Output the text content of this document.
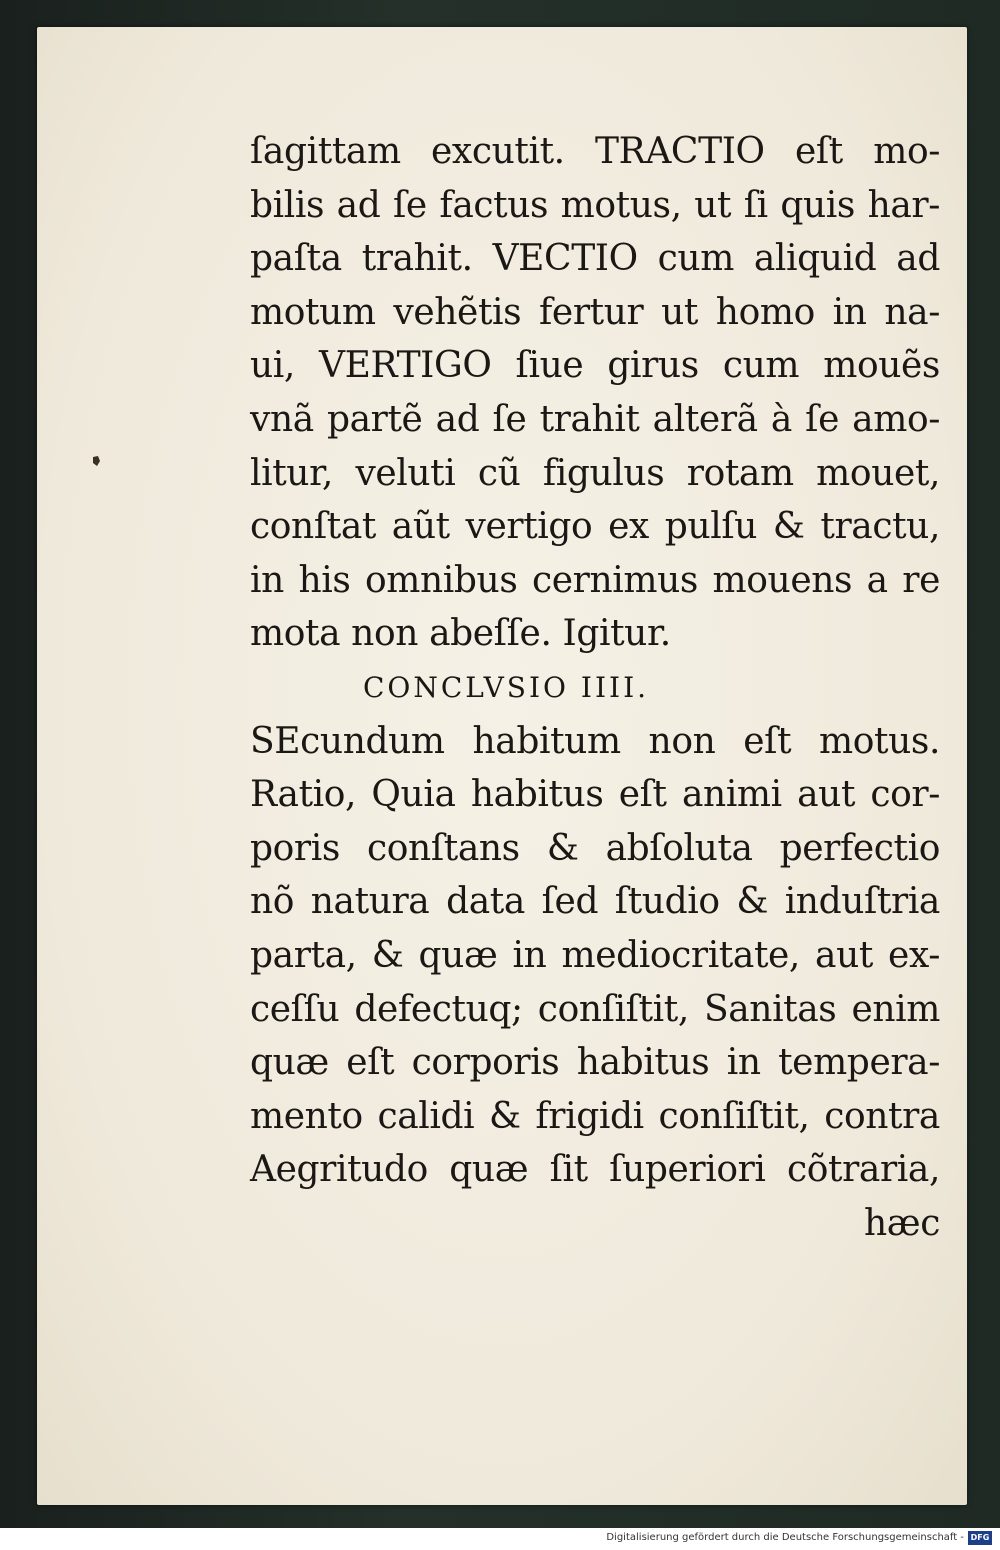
ſagittam excutit. TRACTIO eſt mo-
bilis ad ſe factus motus, ut ſi quis har-
paſta trahit. VECTIO cum aliquid ad
motum vehẽtis fertur ut homo in na-
ui, VERTIGO ſiue girus cum mouẽs
vnã partẽ ad ſe trahit alterã à ſe amo-
litur, veluti cũ figulus rotam mouet,
conſtat aũt vertigo ex pulſu & tractu,
in his omnibus cernimus mouens a re
mota non abeſſe. Igitur.
CONCLVSIO IIII.
SEcundum habitum non eſt motus.
Ratio, Quia habitus eſt animi aut cor-
poris conſtans & abſoluta perfectio
nõ natura data ſed ſtudio & induſtria
parta, & quæ in mediocritate, aut ex-
ceſſu defectuq; conſiſtit, Sanitas enim
quæ eſt corporis habitus in tempera-
mento calidi & frigidi conſiſtit, contra
Aegritudo quæ ſit ſuperiori cõtraria,
hæc
Digitalisierung gefördert durch die Deutsche Forschungsgemeinschaft - DFG
